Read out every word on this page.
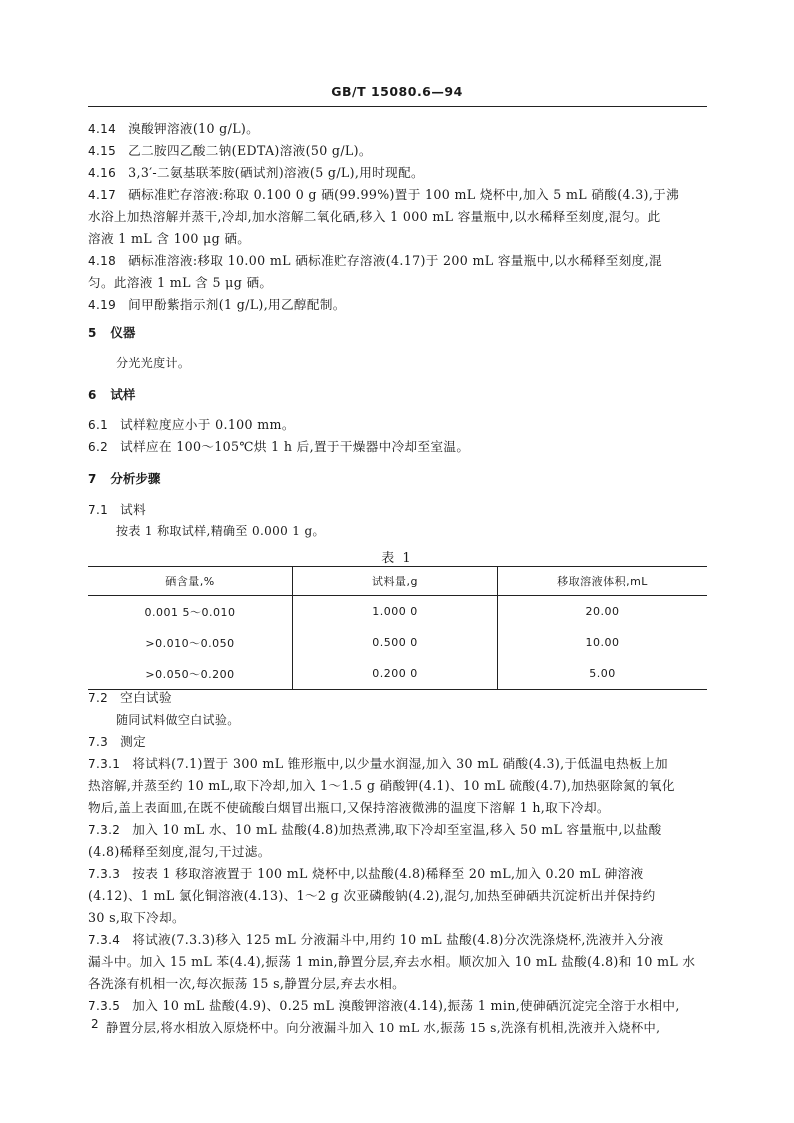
GB/T 15080.6—94
4.14 溴酸钾溶液(10 g/L)。
4.15 乙二胺四乙酸二钠(EDTA)溶液(50 g/L)。
4.16 3,3′-二氨基联苯胺(硒试剂)溶液(5 g/L),用时现配。
4.17 硒标准贮存溶液:称取 0.100 0 g 硒(99.99%)置于 100 mL 烧杯中,加入 5 mL 硝酸(4.3),于沸
水浴上加热溶解并蒸干,冷却,加水溶解二氧化硒,移入 1 000 mL 容量瓶中,以水稀释至刻度,混匀。此
溶液 1 mL 含 100 μg 硒。
4.18 硒标准溶液:移取 10.00 mL 硒标准贮存溶液(4.17)于 200 mL 容量瓶中,以水稀释至刻度,混
匀。此溶液 1 mL 含 5 μg 硒。
4.19 间甲酚紫指示剂(1 g/L),用乙醇配制。
5 仪器
分光光度计。
6 试样
6.1 试样粒度应小于 0.100 mm。
6.2 试样应在 100～105℃烘 1 h 后,置于干燥器中冷却至室温。
7 分析步骤
7.1 试料
按表 1 称取试样,精确至 0.000 1 g。
表 1
硒含量,%	试料量,g	移取溶液体积,mL
0.001 5～0.010	1.000 0	20.00
>0.010～0.050	0.500 0	10.00
>0.050～0.200	0.200 0	5.00
7.2 空白试验
随同试料做空白试验。
7.3 测定
7.3.1 将试料(7.1)置于 300 mL 锥形瓶中,以少量水润湿,加入 30 mL 硝酸(4.3),于低温电热板上加
热溶解,并蒸至约 10 mL,取下冷却,加入 1～1.5 g 硝酸钾(4.1)、10 mL 硫酸(4.7),加热驱除氮的氧化
物后,盖上表面皿,在既不使硫酸白烟冒出瓶口,又保持溶液微沸的温度下溶解 1 h,取下冷却。
7.3.2 加入 10 mL 水、10 mL 盐酸(4.8)加热煮沸,取下冷却至室温,移入 50 mL 容量瓶中,以盐酸
(4.8)稀释至刻度,混匀,干过滤。
7.3.3 按表 1 移取溶液置于 100 mL 烧杯中,以盐酸(4.8)稀释至 20 mL,加入 0.20 mL 砷溶液
(4.12)、1 mL 氯化铜溶液(4.13)、1～2 g 次亚磷酸钠(4.2),混匀,加热至砷硒共沉淀析出并保持约
30 s,取下冷却。
7.3.4 将试液(7.3.3)移入 125 mL 分液漏斗中,用约 10 mL 盐酸(4.8)分次洗涤烧杯,洗液并入分液
漏斗中。加入 15 mL 苯(4.4),振荡 1 min,静置分层,弃去水相。顺次加入 10 mL 盐酸(4.8)和 10 mL 水
各洗涤有机相一次,每次振荡 15 s,静置分层,弃去水相。
7.3.5 加入 10 mL 盐酸(4.9)、0.25 mL 溴酸钾溶液(4.14),振荡 1 min,使砷硒沉淀完全溶于水相中,
静置分层,将水相放入原烧杯中。向分液漏斗加入 10 mL 水,振荡 15 s,洗涤有机相,洗液并入烧杯中,
2
